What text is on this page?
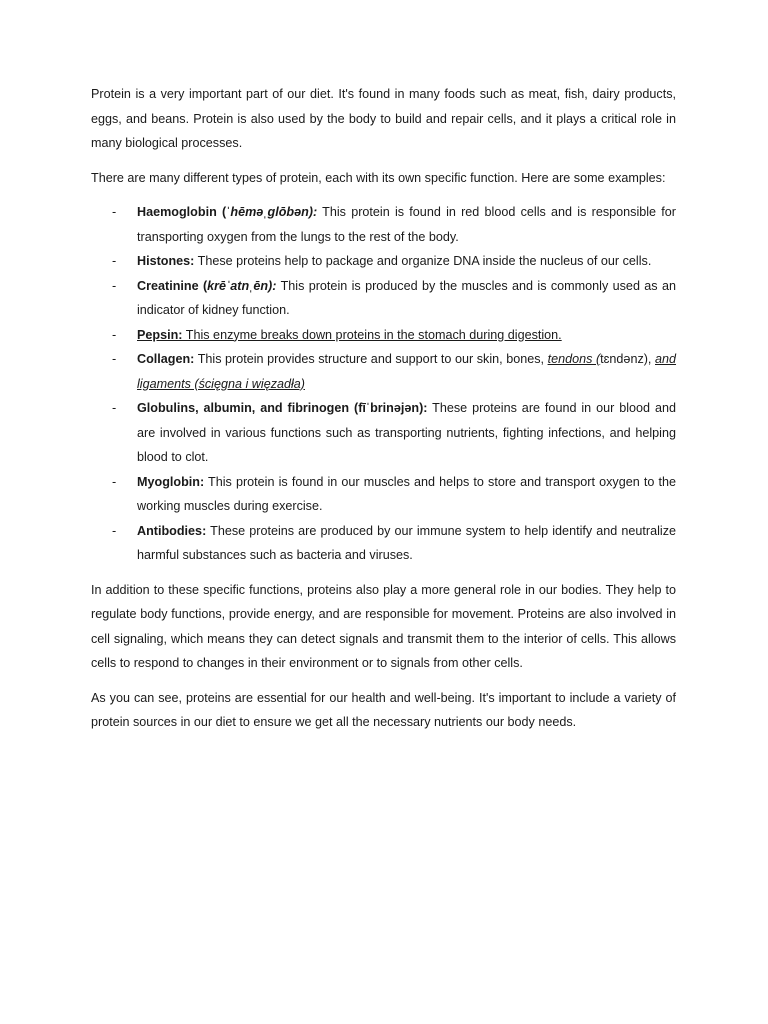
Protein is a very important part of our diet. It's found in many foods such as meat, fish, dairy products, eggs, and beans. Protein is also used by the body to build and repair cells, and it plays a critical role in many biological processes.

There are many different types of protein, each with its own specific function. Here are some examples:

- Haemoglobin (ˈhēməˌglōbən): This protein is found in red blood cells and is responsible for transporting oxygen from the lungs to the rest of the body.
- Histones: These proteins help to package and organize DNA inside the nucleus of our cells.
- Creatinine (krēˈatnˌēn): This protein is produced by the muscles and is commonly used as an indicator of kidney function.
- Pepsin: This enzyme breaks down proteins in the stomach during digestion.
- Collagen: This protein provides structure and support to our skin, bones, tendons (tɛndənz), and ligaments (ścięgna i więzadła)
- Globulins, albumin, and fibrinogen (fīˈbrinəjən): These proteins are found in our blood and are involved in various functions such as transporting nutrients, fighting infections, and helping blood to clot.
- Myoglobin: This protein is found in our muscles and helps to store and transport oxygen to the working muscles during exercise.
- Antibodies: These proteins are produced by our immune system to help identify and neutralize harmful substances such as bacteria and viruses.

In addition to these specific functions, proteins also play a more general role in our bodies. They help to regulate body functions, provide energy, and are responsible for movement. Proteins are also involved in cell signaling, which means they can detect signals and transmit them to the interior of cells. This allows cells to respond to changes in their environment or to signals from other cells.

As you can see, proteins are essential for our health and well-being. It's important to include a variety of protein sources in our diet to ensure we get all the necessary nutrients our body needs.
